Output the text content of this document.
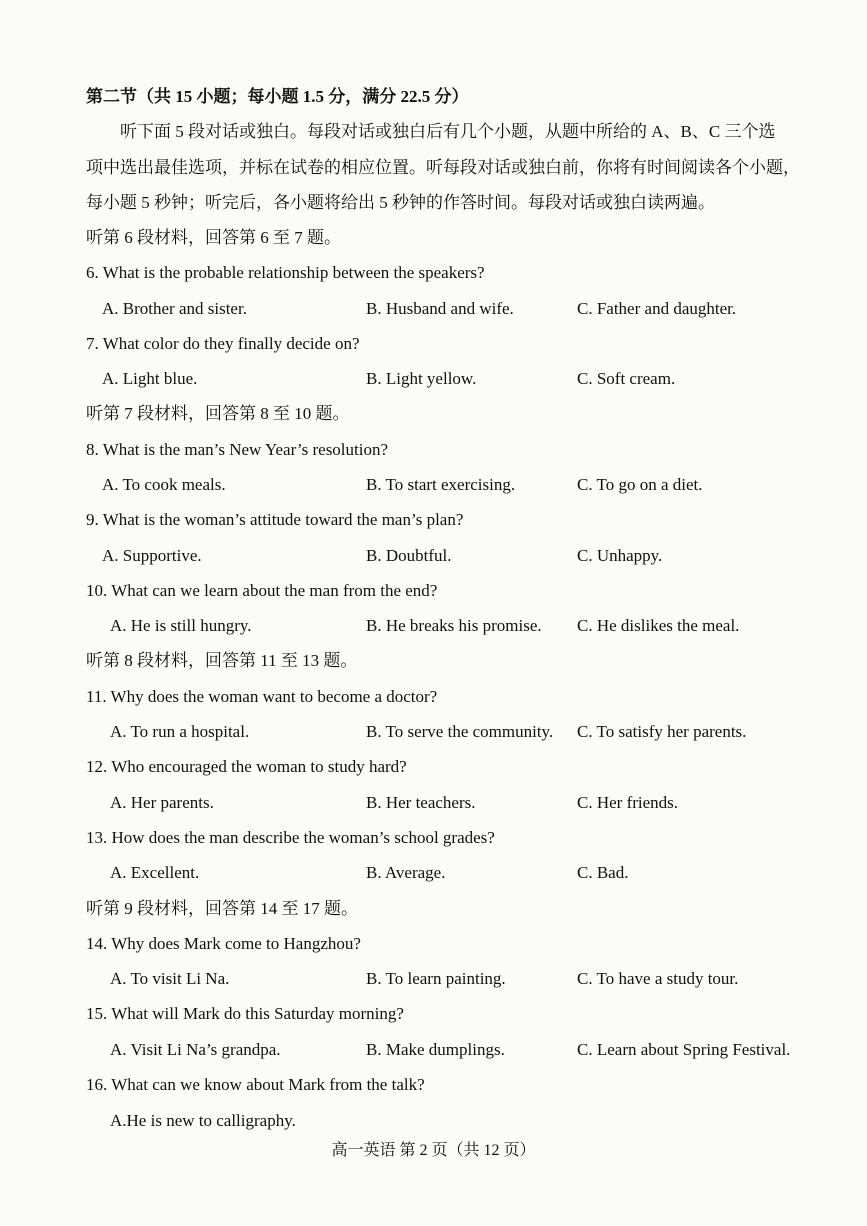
第二节（共 15 小题；每小题 1.5 分，满分 22.5 分）
听下面 5 段对话或独白。每段对话或独白后有几个小题，从题中所给的 A、B、C 三个选
项中选出最佳选项，并标在试卷的相应位置。听每段对话或独白前，你将有时间阅读各个小题，
每小题 5 秒钟；听完后，各小题将给出 5 秒钟的作答时间。每段对话或独白读两遍。
听第 6 段材料，回答第 6 至 7 题。
6. What is the probable relationship between the speakers?
A. Brother and sister.	B. Husband and wife.	C. Father and daughter.
7. What color do they finally decide on?
A. Light blue.	B. Light yellow.	C. Soft cream.
听第 7 段材料，回答第 8 至 10 题。
8. What is the man’s New Year’s resolution?
A. To cook meals.	B. To start exercising.	C. To go on a diet.
9. What is the woman’s attitude toward the man’s plan?
A. Supportive.	B. Doubtful.	C. Unhappy.
10. What can we learn about the man from the end?
A. He is still hungry.	B. He breaks his promise. C. He dislikes the meal.
听第 8 段材料，回答第 11 至 13 题。
11. Why does the woman want to become a doctor?
A. To run a hospital.	B. To serve the community. C. To satisfy her parents.
12. Who encouraged the woman to study hard?
A. Her parents.	B. Her teachers.	C. Her friends.
13. How does the man describe the woman’s school grades?
A. Excellent.	B. Average.	C. Bad.
听第 9 段材料，回答第 14 至 17 题。
14. Why does Mark come to Hangzhou?
A. To visit Li Na.	B. To learn painting.	C. To have a study tour.
15. What will Mark do this Saturday morning?
A. Visit Li Na’s grandpa.	B. Make dumplings.	C. Learn about Spring Festival.
16. What can we know about Mark from the talk?
A.He is new to calligraphy.
高一英语 第 2 页（共 12 页）
